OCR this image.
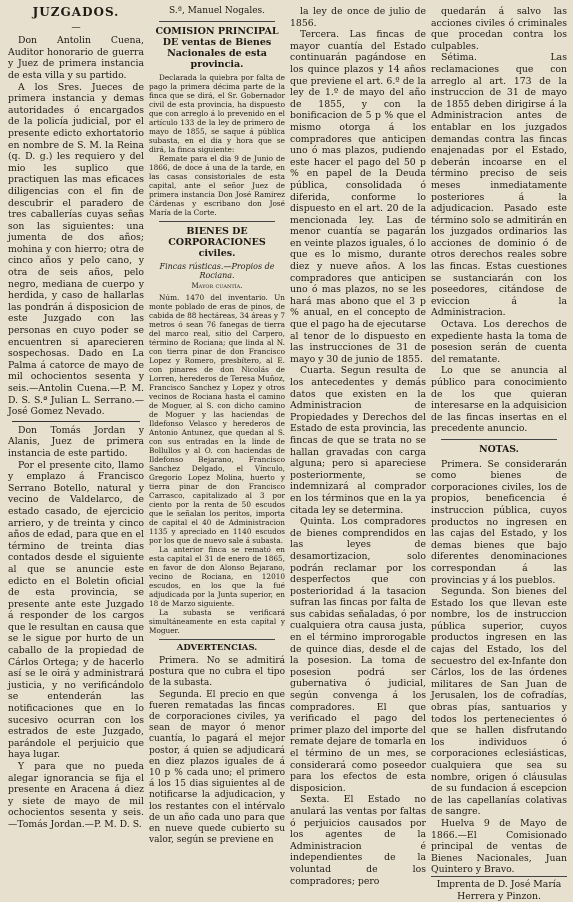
JUZGADOS.

—

Don Antolin Cuena, Auditor honorario de guerra y Juez de primera instancia de esta villa y su partido.

A los Sres. Jueces de primera instancia y demas autoridades ó encargados de la policía judicial, por el presente edicto exhortatorio en nombre de S. M. la Reina (q. D. g.) les requiero y del mio les suplico que practiquen las mas eficaces diligencias con el fin de descubrir el paradero de tres caballerías cuyas señas son las siguientes: una jumenta de dos años; mohina y con hierro; otra de cinco años y pelo cano, y otra de seis años, pelo negro, mediana de cuerpo y herdida, y caso de hallarlas las pondrán á disposicion de este Juzgado con las personas en cuyo poder se encuentren si aparecieren sospechosas. Dado en La Palma á catorce de mayo de mil ochocientos sesenta y seis.—Antolin Cuena.—P. M. D. S. S.ª Julian L. Serrano.—José Gomez Nevado.

Don Tomás Jordan y Alanis, Juez de primera instancia de este partido.

Por el presente cito, llamo y emplazo á Francisco Serrano Botello, natural y vecino de Valdelarco, de estado casado, de ejercicio arriero, y de treinta y cinco años de edad, para que en el término de treinta dias contados desde el siguiente al que se anuncie este edicto en el Boletin oficial de esta provincia, se presente ante este Juzgado á responder de los cargos que le resultan en causa que se le sigue por hurto de un caballo de la propiedad de Cárlos Ortega; y de hacerlo así se le oirá y administrará justicia, y no verificándolo se entenderán las notificaciones que en lo sucesivo ocurran con los estrados de este Juzgado, parándole el perjuicio que haya lugar.

Y para que no pueda alegar ignorancia se fija el presente en Aracena á diez y siete de mayo de mil ochocientos sesenta y seis.—Tomás Jordan.—P. M. D. S.

S.ª, Manuel Nogales.

COMISION PRINCIPAL DE ventas de Bienes Nacionales de esta provincia.

Declarada la quiebra por falta de pago la primera décima parte de la finca que se dirá, el Sr. Gobernador civil de esta provincia, ha dispuesto que con arreglo á lo prevenido en el artículo 133 de la ley de primero de mayo de 1855, se saque á pública subasta, en el dia y hora que se dirá, la finca siguiente:

Remate para el dia 9 de Junio de 1866, de doce á una de la tarde, en las casas consistoriales de esta capital, ante el señor Juez de primera instancia Don José Ramirez Cárdenas y escribano don José María de la Corte.

BIENES DE CORPORACIONES civiles.

Fincas rústicas.—Propios de Rociana.

Mayor cuantía.

Núm. 1470 del inventario. Un monte poblado de eras de pinos, de cabida de 88 hectáreas, 34 áreas y 7 metros ó sean 76 fanegas de tierra del marco real, sitio del Carpero, término de Rociana; que linda al N. con tierra pinar de don Francisco Lopez y Romero, presbítero, al E. con pinares de don Nicolás de Lorren, herederos de Teresa Muñoz, Francisco Sanchez y Lopez y otros vecinos de Rociana hasta el camino de Moguer, al S. con dicho camino de Moguer y las haciendas de Ildefonso Velasco y herederos de Antonio Antunez, que quedan al S. con sus entradas en la linde de Bollullos y al O. con haciendas de Ildefonso Bejarano, Francisco Sanchez Delgado, el Vínculo, Gregorio Lopez Molina, huerto y tierra pinar de don Francisco Carrasco, capitalizado al 3 por ciento por la renta de 50 escudos que le señalan los peritos, importa de capital el 40 de Administracion 1135 y apreciado en 1140 escudos por los que de nuevo sale á subasta.

La anterior finca se remató en esta capital el 31 de enero de 1865, en favor de don Alonso Bejarano, vecino de Rociana, en 12010 escudos, en los que la fué adjudicada por la Junta superior, en 18 de Marzo siguiente.

La subasta se verificará simultáneamente en esta capital y Moguer.

ADVERTENCIAS.

Primera. No se admitirá postura que no cubra el tipo de la subasta.

Segunda. El precio en que fueren rematadas las fincas de corporaciones civiles, ya sean de mayor ó menor cuantía, lo pagará el mejor postor, á quien se adjudicará en diez plazos iguales de á 10 p % cada uno; el primero á los 15 dias siguientes al de notificarse la adjudicacion, y los restantes con el intérvalo de un año cada uno para que en nueve quede cubierto su valor, según se previene en

la ley de once de julio de 1856.

Tercera. Las fincas de mayor cuantía del Estado continuarán pagándose en los quince plazos y 14 años que previene el art. 6.º de la ley de 1.º de mayo del año de 1855, y con la bonificacion de 5 p % que el mismo otorga á los compradores que anticipen uno ó mas plazos, pudiendo este hacer el pago del 50 p % en papel de la Deuda pública, consolidada ó diferida, conforme lo dispuesto en el art. 20 de la mencionada ley. Las de menor cuantía se pagarán en veinte plazos iguales, ó lo que es lo mismo, durante diez y nueve años. A los compradores que anticipen uno ó mas plazos, no se les hará mas abono que el 3 p % anual, en el concepto de que el pago ha de ejecutarse al tenor de lo dispuesto en las instrucciones de 31 de mayo y 30 de junio de 1855.

Cuarta. Segun resulta de los antecedentes y demás datos que existen en la Administracion de Propiedades y Derechos del Estado de esta provincia, las fincas de que se trata no se hallan gravadas con carga alguna; pero si apareciese posteriormente, se indemnizará al comprador en los términos que en la ya citada ley se determina.

Quinta. Los compradores de bienes comprendidos en las leyes de desamortizacion, solo podrán reclamar por los desperfectos que con posterioridad á la tasacion sufran las fincas por falta de sus cabidas señaladas, ó por cualquiera otra causa justa, en el término improrogable de quince dias, desde el de la posesion. La toma de posesion podrá ser gubernativa ó judicial, según convenga á los compradores. El que verificado el pago del primer plazo del importe del remate dejare de tomarla en el término de un mes, se considerará como poseedor para los efectos de esta disposicion.

Sexta. El Estado no anulará las ventas por faltas ó perjuicios causados por los agentes de la Administracion é independientes de la voluntad de los compradores; pero

quedarán á salvo las acciones civiles ó criminales que procedan contra los culpables.

Sétima. Las reclamaciones que con arreglo al art. 173 de la instruccion de 31 de mayo de 1855 deben dirigirse á la Administracion antes de entablar en los juzgados demandas contra las fincas enajenadas por el Estado, deberán incoarse en el término preciso de seis meses inmediatamente posteriores á la adjudicacion. Pasado este término solo se admitirán en los juzgados ordinarios las acciones de dominio ó de otros derechos reales sobre las fincas. Estas cuestiones se sustanciarán con los poseedores, citándose de eviccion á la Administracion.

Octava. Los derechos de expediente hasta la toma de posesion serán de cuenta del rematante.

Lo que se anuncia al público para conocimiento de los que quieran interesarse en la adquisicion de las fincas insertas en el precedente anuncio.

NOTAS.

Primera. Se considerarán como bienes de corporaciones civiles, los de propios, beneficencia é instruccion pública, cuyos productos no ingresen en las cajas del Estado, y los demas bienes que bajo diferentes denominaciones correspondan á las provincias y á los pueblos.

Segunda. Son bienes del Estado los que llevan este nombre, los de instruccion pública superior, cuyos productos ingresen en las cajas del Estado, los del secuestro del ex-Infante don Cárlos, los de las órdenes militares de San Juan de Jerusalen, los de cofradías, obras pías, santuarios y todos los pertenecientes ó que se hallen disfrutando los individuos ó corporaciones eclesiásticas, cualquiera que sea su nombre, origen ó cláusulas de su fundacion á escepcion de las capellanías colativas de sangre.

Huelva 9 de Mayo de 1866.—El Comisionado principal de ventas de Bienes Nacionales, Juan Quintero y Bravo.

Imprenta de D. José María Herrera y Pinzon.
